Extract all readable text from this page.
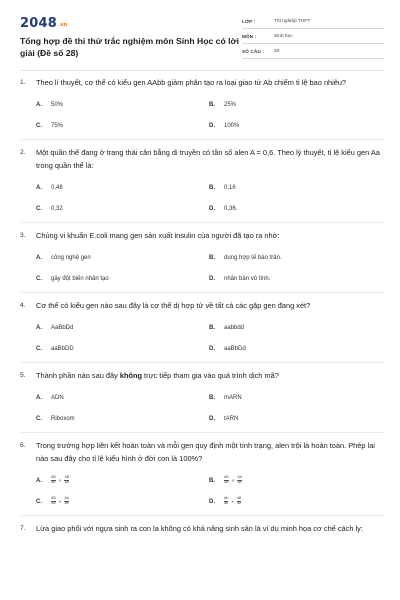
$2048^{.vn}$
Tổng hợp đề thi thử trắc nghiệm môn Sinh Học có lời giải (Đề số 28)
LỚP :	Tốt nghiệp THPT
MÔN :	Sinh học
SỐ CÂU :	40
1. Theo lí thuyết, cơ thể có kiểu gen AAbb giảm phân tạo ra loại giao tử Ab chiếm tỉ lệ bao nhiêu?
A.	50%	B.	25%
C.	75%	D.	100%
2. Một quần thể đang ở trạng thái cân bằng di truyền có tần số alen A = 0,6. Theo lý thuyết, tỉ lệ kiểu gen Aa trong quần thể là:
A.	0,48	B.	0,16
C.	0,32	D.	0,36.
3. Chủng vi khuẩn E.coli mang gen sản xuất insulin của người đã tạo ra nhờ:
A.	công nghệ gen	B.	dung hợp tế bào trần.
C.	gây đột biến nhân tạo	D.	nhân bản vô tính.
4. Cơ thể có kiểu gen nào sau đây là cơ thể dị hợp tử về tất cả các gặp gen đang xét?
A.	AaBbDd	B.	aabbdd
C.	aaBbDD	D.	aaBbDd
5. Thành phần nào sau đây không trực tiếp tham gia vào quá trình dịch mã?
A.	ADN	B.	mARN
C.	Riboxom	D.	tARN
6. Trong trường hợp liên kết hoàn toàn và mỗi gen quy định một tính trạng, alen trội là hoàn toàn. Phép lai nào sau đây cho tỉ lệ kiểu hình ở đời con là 100%?
A.	$\frac{AB}{ab} \times \frac{AB}{ab}$	B.	$\frac{AB}{ab} \times \frac{Ab}{ab}$
C.	$\frac{AB}{Ab} \times \frac{Ab}{ab}$	D.	$\frac{Ab}{ab} \times \frac{aB}{ab}$
7. Lừa giao phối với ngựa sinh ra con la không có khả năng sinh sản là ví dụ minh họa cơ chế cách ly:
